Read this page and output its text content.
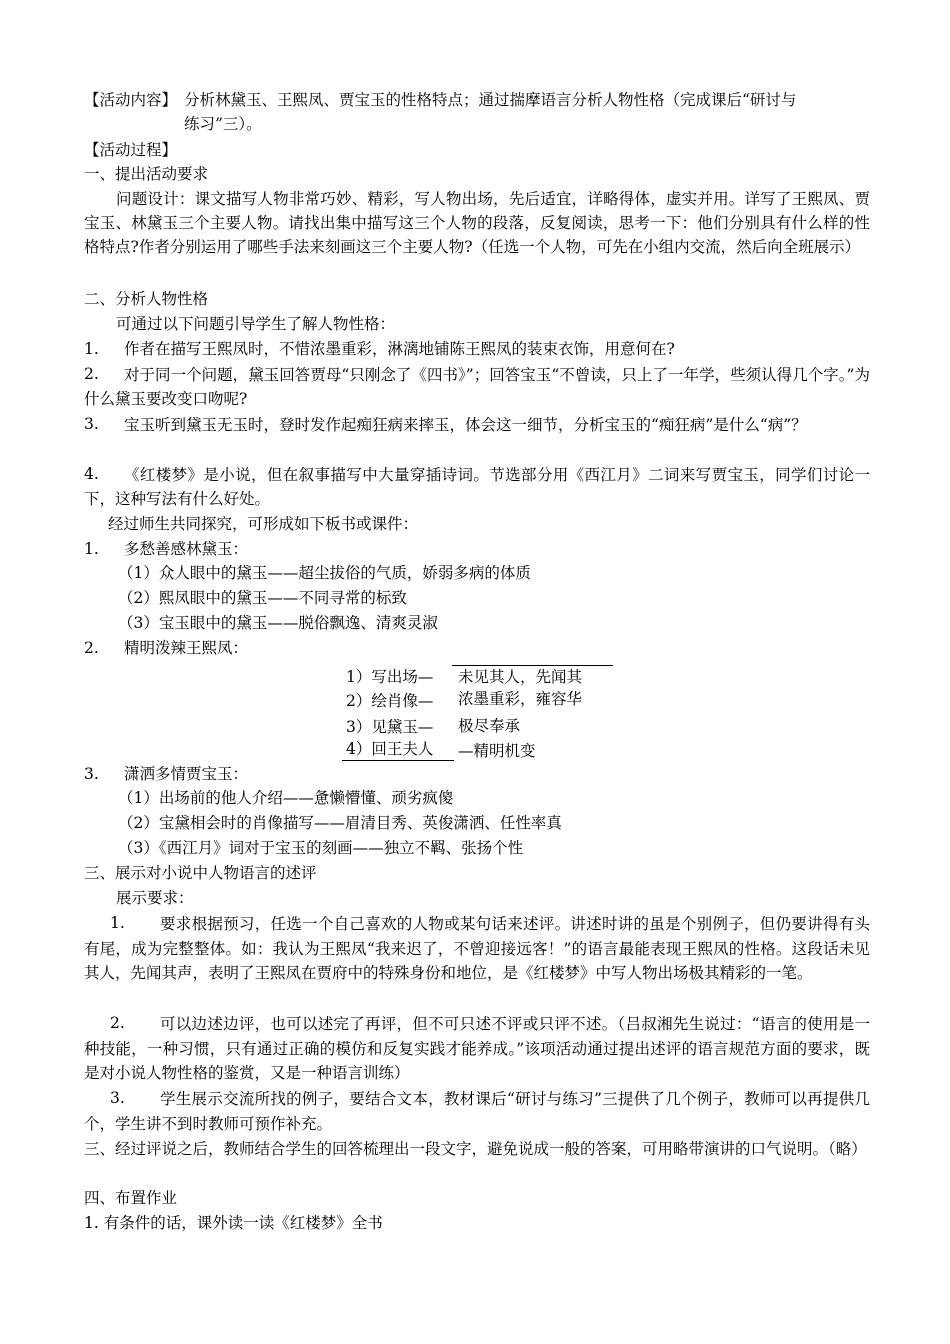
【活动内容】 分析林黛玉、王熙凤、贾宝玉的性格特点；通过揣摩语言分析人物性格（完成课后“研讨与
练习”三）。
【活动过程】
一、提出活动要求
问题设计：课文描写人物非常巧妙、精彩，写人物出场，先后适宜，详略得体，虚实并用。详写了王熙凤、贾宝玉、林黛玉三个主要人物。请找出集中描写这三个人物的段落，反复阅读，思考一下：他们分别具有什么样的性格特点?作者分别运用了哪些手法来刻画这三个主要人物?（任选一个人物，可先在小组内交流，然后向全班展示）
二、分析人物性格
可通过以下问题引导学生了解人物性格：
1. 作者在描写王熙凤时，不惜浓墨重彩，淋漓地铺陈王熙凤的装束衣饰，用意何在?
2.	对于同一个问题，黛玉回答贾母“只刚念了《四书》”；回答宝玉“不曾读，只上了一年学，些须认得几个字。”为什么黛玉要改变口吻呢?
3.	宝玉听到黛玉无玉时，登时发作起痴狂病来摔玉，体会这一细节，分析宝玉的“痴狂病”是什么“病”？
4.	《红楼梦》是小说，但在叙事描写中大量穿插诗词。节选部分用《西江月》二词来写贾宝玉，同学们讨论一下，这种写法有什么好处。
经过师生共同探究，可形成如下板书或课件：
1. 多愁善感林黛玉：
（1）众人眼中的黛玉——超尘拔俗的气质，娇弱多病的体质
（2）熙凤眼中的黛玉——不同寻常的标致
（3）宝玉眼中的黛玉——脱俗飘逸、清爽灵淑
2. 精明泼辣王熙凤：
1）写出场— 未见其人，先闻其
2）绘肖像— 浓墨重彩，雍容华
3）见黛玉— 极尽奉承
4）回王夫人 —精明机变
3. 潇洒多情贾宝玉：
（1）出场前的他人介绍——惫懒懵懂、顽劣疯傻
（2）宝黛相会时的肖像描写——眉清目秀、英俊潇洒、任性率真
（3）《西江月》词对于宝玉的刻画——独立不羁、张扬个性
三、展示对小说中人物语言的述评
展示要求：
1.	要求根据预习，任选一个自己喜欢的人物或某句话来述评。讲述时讲的虽是个别例子，但仍要讲得有头有尾，成为完整整体。如：我认为王熙凤“我来迟了，不曾迎接远客！”的语言最能表现王熙凤的性格。这段话未见其人，先闻其声，表明了王熙凤在贾府中的特殊身份和地位，是《红楼梦》中写人物出场极其精彩的一笔。
2.	可以边述边评，也可以述完了再评，但不可只述不评或只评不述。（吕叔湘先生说过：“语言的使用是一种技能，一种习惯，只有通过正确的模仿和反复实践才能养成。”该项活动通过提出述评的语言规范方面的要求，既是对小说人物性格的鉴赏，又是一种语言训练）
3.	学生展示交流所找的例子，要结合文本，教材课后“研讨与练习”三提供了几个例子，教师可以再提供几个，学生讲不到时教师可预作补充。
三、经过评说之后，教师结合学生的回答梳理出一段文字，避免说成一般的答案，可用略带演讲的口气说明。（略）
四、布置作业
1. 有条件的话，课外读一读《红楼梦》全书
